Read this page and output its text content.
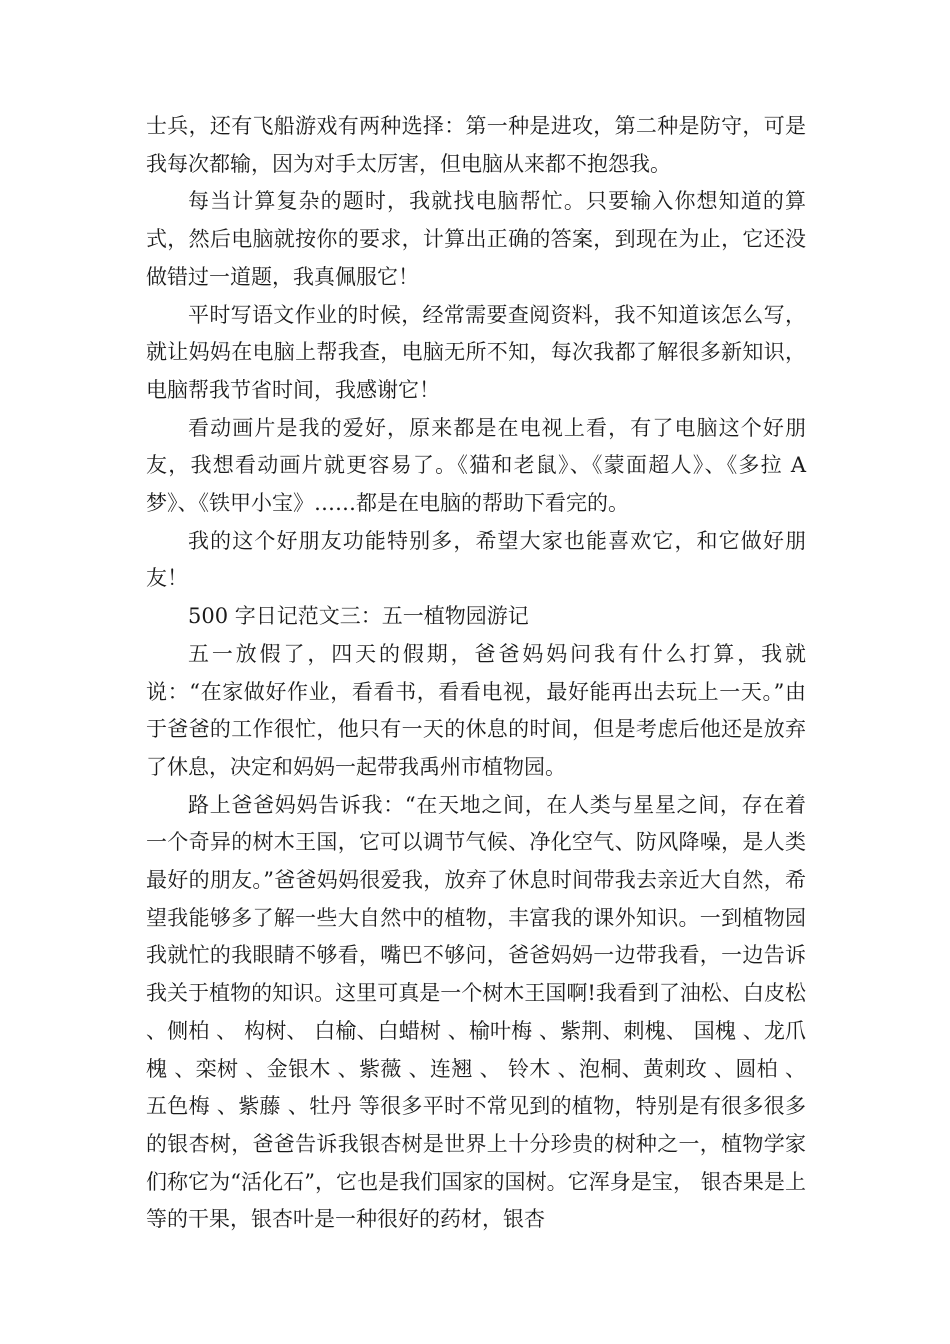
士兵，还有飞船游戏有两种选择：第一种是进攻，第二种是防守，可是我每次都输，因为对手太厉害，但电脑从来都不抱怨我。

每当计算复杂的题时，我就找电脑帮忙。只要输入你想知道的算式，然后电脑就按你的要求，计算出正确的答案，到现在为止，它还没做错过一道题，我真佩服它！

平时写语文作业的时候，经常需要查阅资料，我不知道该怎么写，就让妈妈在电脑上帮我查，电脑无所不知，每次我都了解很多新知识，电脑帮我节省时间，我感谢它！

看动画片是我的爱好，原来都是在电视上看，有了电脑这个好朋友，我想看动画片就更容易了。《猫和老鼠》、《蒙面超人》、《多拉 A 梦》、《铁甲小宝》……都是在电脑的帮助下看完的。

我的这个好朋友功能特别多，希望大家也能喜欢它，和它做好朋友！

500 字日记范文三：五一植物园游记

五一放假了，四天的假期，爸爸妈妈问我有什么打算，我就说：“在家做好作业，看看书，看看电视，最好能再出去玩上一天。”由于爸爸的工作很忙，他只有一天的休息的时间，但是考虑后他还是放弃了休息，决定和妈妈一起带我禹州市植物园。

路上爸爸妈妈告诉我：“在天地之间，在人类与星星之间，存在着一个奇异的树木王国，它可以调节气候、净化空气、防风降噪，是人类最好的朋友。”爸爸妈妈很爱我，放弃了休息时间带我去亲近大自然，希望我能够多了解一些大自然中的植物，丰富我的课外知识。一到植物园我就忙的我眼睛不够看，嘴巴不够问，爸爸妈妈一边带我看，一边告诉我关于植物的知识。这里可真是一个树木王国啊!我看到了油松、白皮松 、侧柏 、 构树、 白榆、白蜡树 、榆叶梅 、紫荆、刺槐、 国槐 、龙爪槐 、栾树 、金银木 、紫薇 、连翘 、 铃木 、泡桐、黄刺玫 、圆柏 、五色梅 、紫藤 、牡丹 等很多平时不常见到的植物，特别是有很多很多的银杏树，爸爸告诉我银杏树是世界上十分珍贵的树种之一，植物学家们称它为“活化石”，它也是我们国家的国树。它浑身是宝， 银杏果是上等的干果，银杏叶是一种很好的药材，银杏
